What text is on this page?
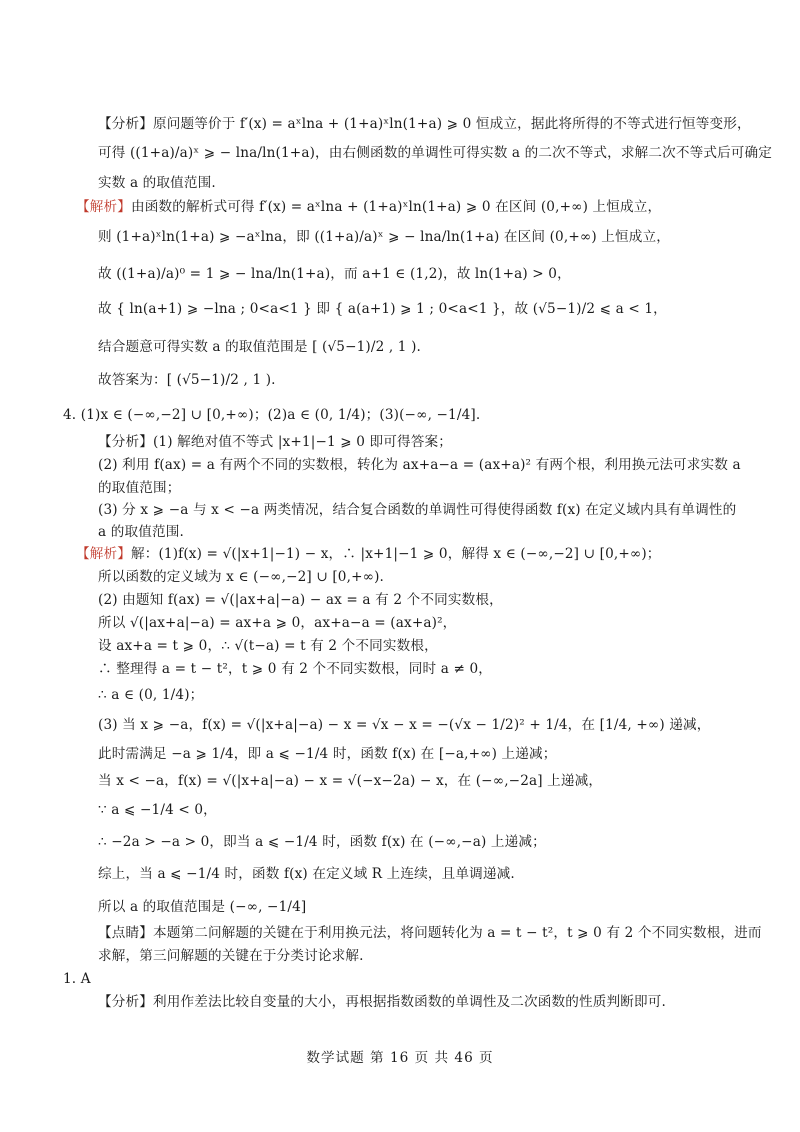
【分析】原问题等价于 f′(x) = aˣlna + (1+a)ˣln(1+a) ⩾ 0 恒成立，据此将所得的不等式进行恒等变形，
可得 ((1+a)/a)ˣ ⩾ − lna/ln(1+a)，由右侧函数的单调性可得实数 a 的二次不等式，求解二次不等式后可确定
实数 a 的取值范围.
【解析】由函数的解析式可得 f′(x) = aˣlna + (1+a)ˣln(1+a) ⩾ 0 在区间 (0,+∞) 上恒成立，
则 (1+a)ˣln(1+a) ⩾ −aˣlna，即 ((1+a)/a)ˣ ⩾ − lna/ln(1+a) 在区间 (0,+∞) 上恒成立，
故 ((1+a)/a)⁰ = 1 ⩾ − lna/ln(1+a)，而 a+1 ∈ (1,2)，故 ln(1+a) > 0，
故 { ln(a+1) ⩾ −lna ; 0<a<1 } 即 { a(a+1) ⩾ 1 ; 0<a<1 }，故 (√5−1)/2 ⩽ a < 1，
结合题意可得实数 a 的取值范围是 [ (√5−1)/2 , 1 ).
故答案为：[ (√5−1)/2 , 1 ).
4. (1)x ∈ (−∞,−2] ∪ [0,+∞)；(2)a ∈ (0, 1/4)；(3)(−∞, −1/4].
【分析】(1) 解绝对值不等式 |x+1|−1 ⩾ 0 即可得答案；
(2) 利用 f(ax) = a 有两个不同的实数根，转化为 ax+a−a = (ax+a)² 有两个根，利用换元法可求实数 a
的取值范围；
(3) 分 x ⩾ −a 与 x < −a 两类情况，结合复合函数的单调性可得使得函数 f(x) 在定义域内具有单调性的
a 的取值范围.
【解析】解：(1)f(x) = √(|x+1|−1) − x，∴ |x+1|−1 ⩾ 0，解得 x ∈ (−∞,−2] ∪ [0,+∞)；
所以函数的定义域为 x ∈ (−∞,−2] ∪ [0,+∞).
(2) 由题知 f(ax) = √(|ax+a|−a) − ax = a 有 2 个不同实数根，
所以 √(|ax+a|−a) = ax+a ⩾ 0，ax+a−a = (ax+a)²，
设 ax+a = t ⩾ 0，∴ √(t−a) = t 有 2 个不同实数根，
∴ 整理得 a = t − t²，t ⩾ 0 有 2 个不同实数根，同时 a ≠ 0，
∴ a ∈ (0, 1/4)；
(3) 当 x ⩾ −a，f(x) = √(|x+a|−a) − x = √x − x = −(√x − 1/2)² + 1/4，在 [1/4, +∞) 递减，
此时需满足 −a ⩾ 1/4，即 a ⩽ −1/4 时，函数 f(x) 在 [−a,+∞) 上递减；
当 x < −a，f(x) = √(|x+a|−a) − x = √(−x−2a) − x，在 (−∞,−2a] 上递减，
∵ a ⩽ −1/4 < 0，
∴ −2a > −a > 0，即当 a ⩽ −1/4 时，函数 f(x) 在 (−∞,−a) 上递减；
综上，当 a ⩽ −1/4 时，函数 f(x) 在定义域 R 上连续，且单调递减.
所以 a 的取值范围是 (−∞, −1/4]
【点睛】本题第二问解题的关键在于利用换元法，将问题转化为 a = t − t²，t ⩾ 0 有 2 个不同实数根，进而
求解，第三问解题的关键在于分类讨论求解.
1. A
【分析】利用作差法比较自变量的大小，再根据指数函数的单调性及二次函数的性质判断即可.
数学试题 第 16 页 共 46 页
